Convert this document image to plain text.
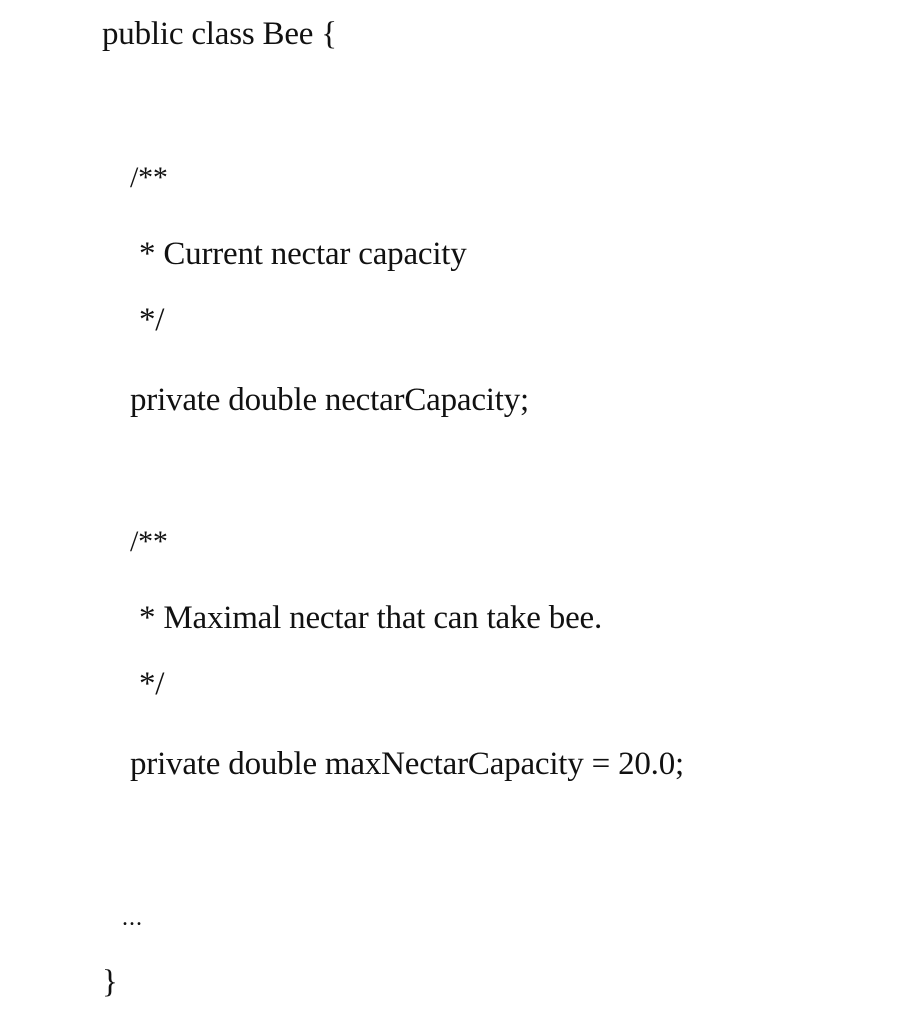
public class Bee {
/**
* Current nectar capacity
*/
private double nectarCapacity;
/**
* Maximal nectar that can take bee.
*/
private double maxNectarCapacity = 20.0;
...
}
